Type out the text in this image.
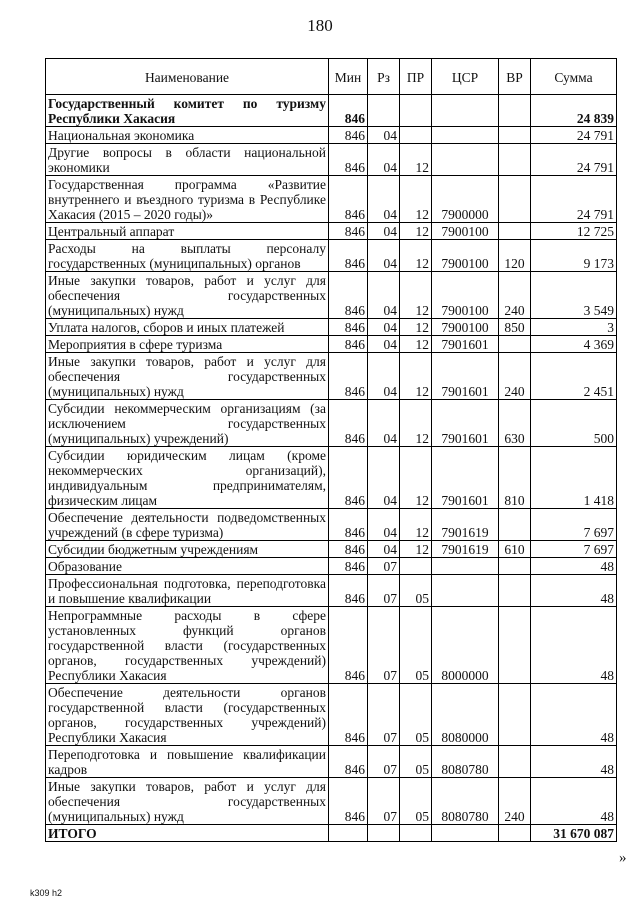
180
Наименование	Мин	Рз	ПР	ЦСР	ВР	Сумма
Государственный комитет по туризму Республики Хакасия	846					24 839
Национальная экономика	846	04				24 791
Другие вопросы в области национальной экономики	846	04	12			24 791
Государственная программа «Развитие внутреннего и въездного туризма в Республике Хакасия (2015 – 2020 годы)»	846	04	12	7900000		24 791
Центральный аппарат	846	04	12	7900100		12 725
Расходы на выплаты персоналу государственных (муниципальных) органов	846	04	12	7900100	120	9 173
Иные закупки товаров, работ и услуг для обеспечения государственных (муниципальных) нужд	846	04	12	7900100	240	3 549
Уплата налогов, сборов и иных платежей	846	04	12	7900100	850	3
Мероприятия в сфере туризма	846	04	12	7901601		4 369
Иные закупки товаров, работ и услуг для обеспечения государственных (муниципальных) нужд	846	04	12	7901601	240	2 451
Субсидии некоммерческим организациям (за исключением государственных (муниципальных) учреждений)	846	04	12	7901601	630	500
Субсидии юридическим лицам (кроме некоммерческих организаций), индивидуальным предпринимателям, физическим лицам	846	04	12	7901601	810	1 418
Обеспечение деятельности подведомственных учреждений (в сфере туризма)	846	04	12	7901619		7 697
Субсидии бюджетным учреждениям	846	04	12	7901619	610	7 697
Образование	846	07				48
Профессиональная подготовка, переподготовка и повышение квалификации	846	07	05			48
Непрограммные расходы в сфере установленных функций органов государственной власти (государственных органов, государственных учреждений) Республики Хакасия	846	07	05	8000000		48
Обеспечение деятельности органов государственной власти (государственных органов, государственных учреждений) Республики Хакасия	846	07	05	8080000		48
Переподготовка и повышение квалификации кадров	846	07	05	8080780		48
Иные закупки товаров, работ и услуг для обеспечения государственных (муниципальных) нужд	846	07	05	8080780	240	48
ИТОГО						31 670 087
»
k309 h2
